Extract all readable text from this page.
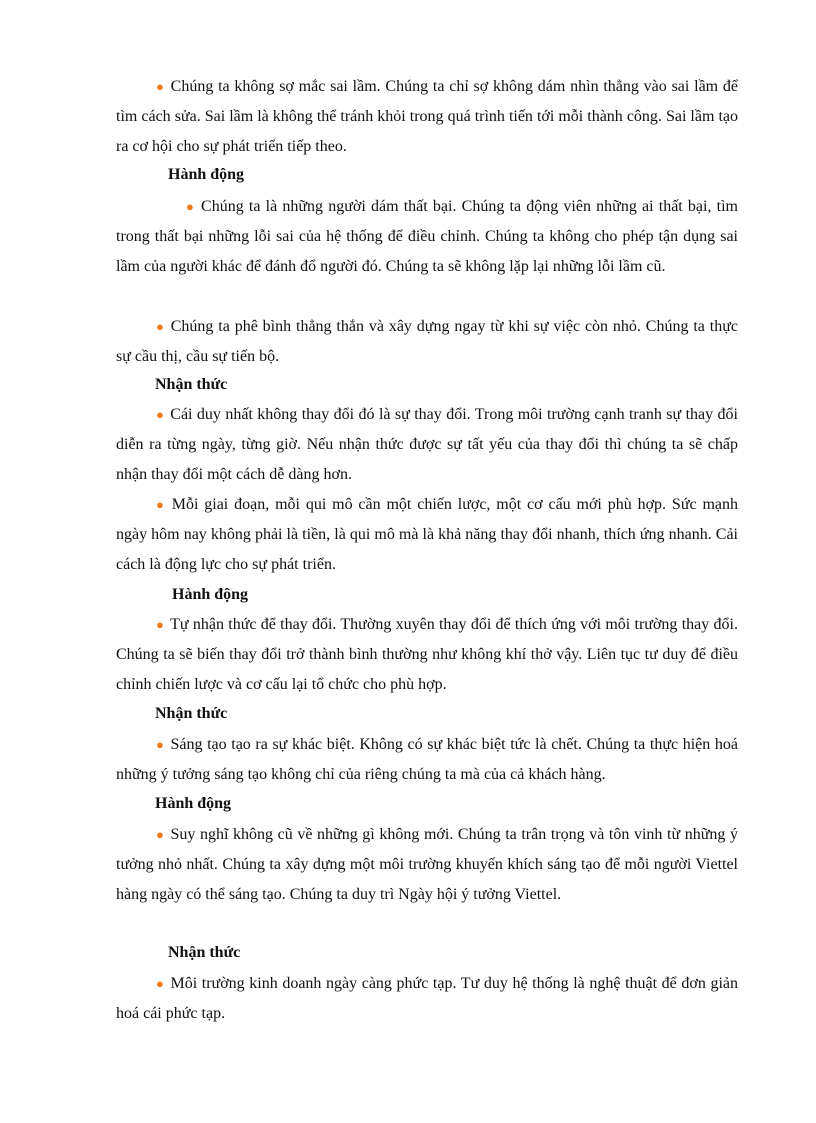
● Chúng ta không sợ mắc sai lầm. Chúng ta chỉ sợ không dám nhìn thẳng vào sai lầm để tìm cách sửa. Sai lầm là không thể tránh khỏi trong quá trình tiến tới mỗi thành công. Sai lầm tạo ra cơ hội cho sự phát triển tiếp theo.

Hành động

● Chúng ta là những người dám thất bại. Chúng ta động viên những ai thất bại, tìm trong thất bại những lỗi sai của hệ thống để điều chỉnh. Chúng ta không cho phép tận dụng sai lầm của người khác để đánh đổ người đó. Chúng ta sẽ không lặp lại những lỗi lầm cũ.

● Chúng ta phê bình thẳng thắn và xây dựng ngay từ khi sự việc còn nhỏ. Chúng ta thực sự cầu thị, cầu sự tiến bộ.

Nhận thức

● Cái duy nhất không thay đổi đó là sự thay đổi. Trong môi trường cạnh tranh sự thay đổi diễn ra từng ngày, từng giờ. Nếu nhận thức được sự tất yếu của thay đổi thì chúng ta sẽ chấp nhận thay đổi một cách dễ dàng hơn.

● Mỗi giai đoạn, mỗi qui mô cần một chiến lược, một cơ cấu mới phù hợp. Sức mạnh ngày hôm nay không phải là tiền, là qui mô mà là khả năng thay đổi nhanh, thích ứng nhanh. Cải cách là động lực cho sự phát triển.

Hành động

● Tự nhận thức để thay đổi. Thường xuyên thay đổi để thích ứng với môi trường thay đổi. Chúng ta sẽ biến thay đổi trở thành bình thường như không khí thở vậy. Liên tục tư duy để điều chỉnh chiến lược và cơ cấu lại tổ chức cho phù hợp.

Nhận thức

● Sáng tạo tạo ra sự khác biệt. Không có sự khác biệt tức là chết. Chúng ta thực hiện hoá những ý tưởng sáng tạo không chỉ của riêng chúng ta mà của cả khách hàng.

Hành động

● Suy nghĩ không cũ về những gì không mới. Chúng ta trân trọng và tôn vinh từ những ý tưởng nhỏ nhất. Chúng ta xây dựng một môi trường khuyến khích sáng tạo để mỗi người Viettel hàng ngày có thể sáng tạo. Chúng ta duy trì Ngày hội ý tưởng Viettel.

Nhận thức

● Môi trường kinh doanh ngày càng phức tạp. Tư duy hệ thống là nghệ thuật để đơn giản hoá cái phức tạp.
